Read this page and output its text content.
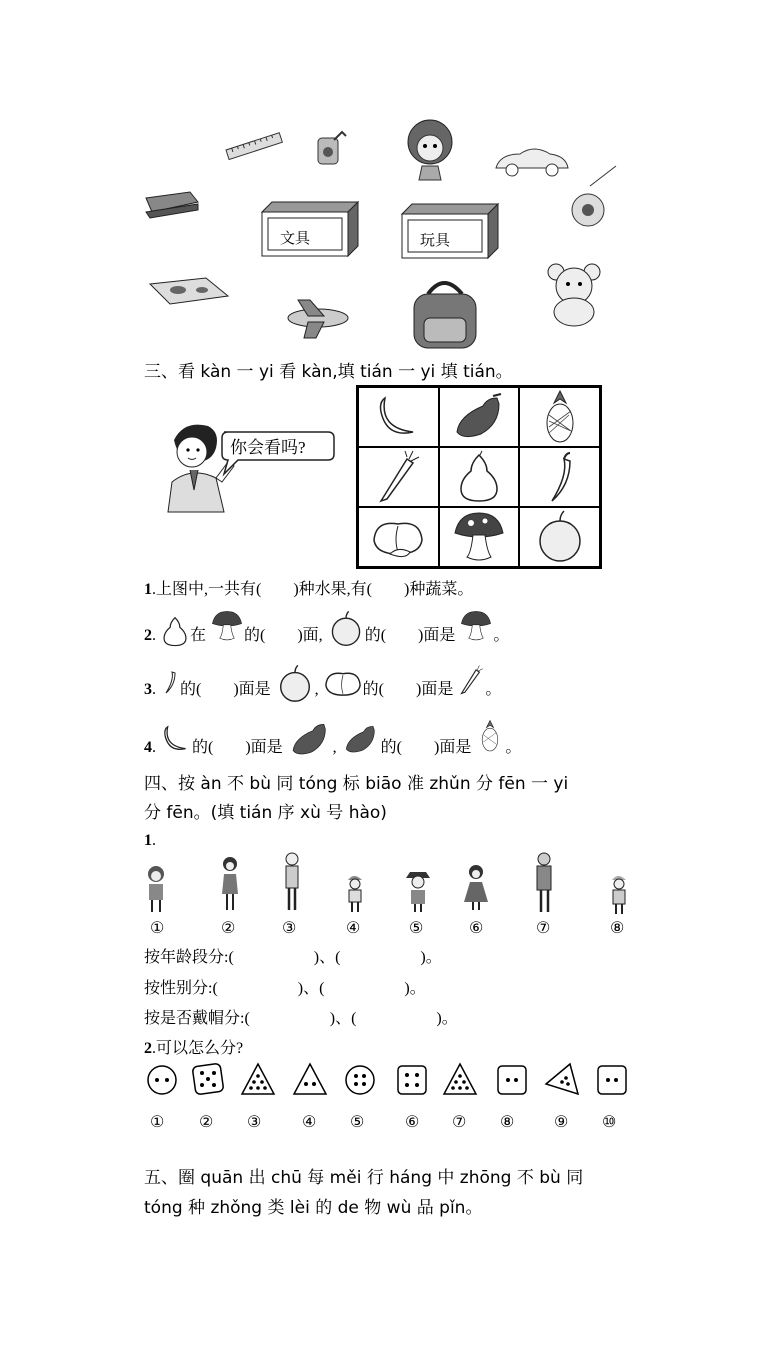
文具	玩具
三、看 kàn 一 yi 看 kàn,填 tián 一 yi 填 tián。
你会看吗?
1.上图中,一共有(　　)种水果,有(　　)种蔬菜。
2. 在 的(　　)面,	的(　　)面是 。
3. 的(　　)面是	,	的(　　)面是 。
4. 的(　　)面是	,	的(　　)面是 。
四、按 àn 不 bù 同 tóng 标 biāo 准 zhǔn 分 fēn 一 yi
分 fēn。(填 tián 序 xù 号 hào)
1.
①	②	③	④	⑤	⑥	⑦	⑧
按年龄段分:(　　　　　)、(　　　　　)。
按性别分:(　　　　　)、(　　　　　)。
按是否戴帽分:(　　　　　)、(　　　　　)。
2.可以怎么分?
① ② ③	④ ⑤	⑥ ⑦ ⑧ ⑨ ⑩
五、圈 quān 出 chū 每 měi 行 háng 中 zhōng 不 bù 同
tóng 种 zhǒng 类 lèi 的 de 物 wù 品 pǐn。
